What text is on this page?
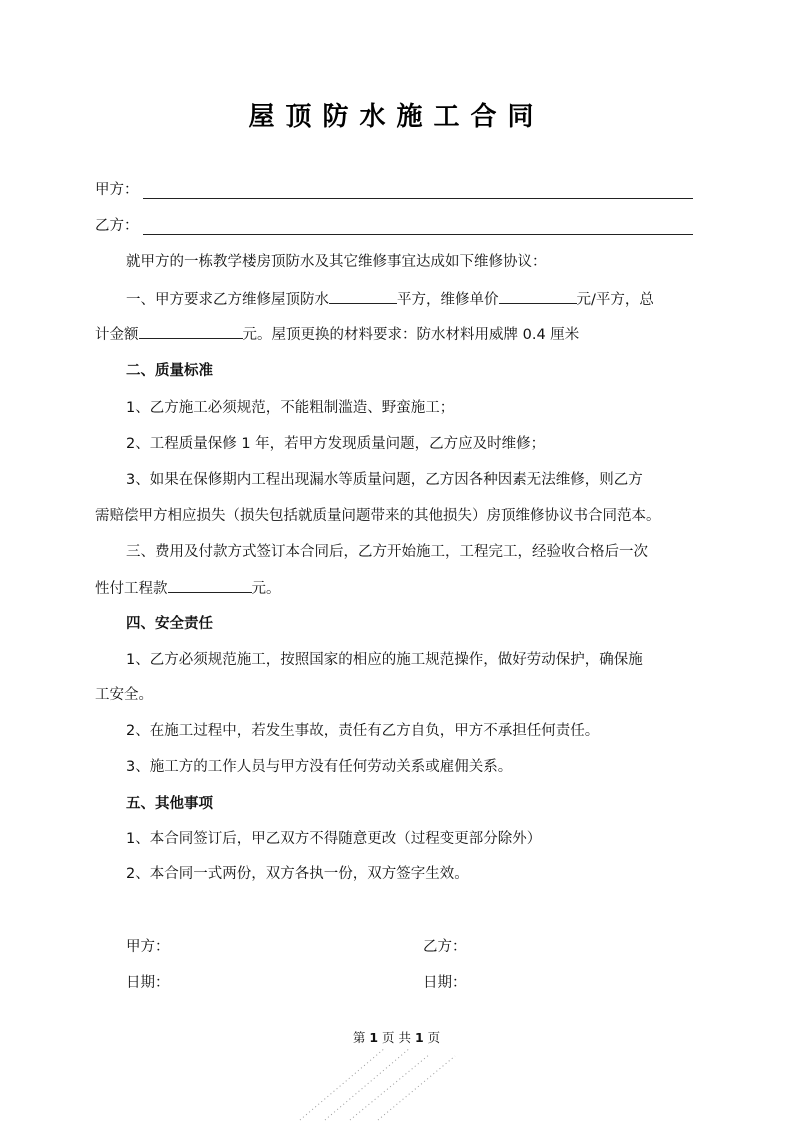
屋顶防水施工合同
甲方：
乙方：
就甲方的一栋教学楼房顶防水及其它维修事宜达成如下维修协议：
一、甲方要求乙方维修屋顶防水	平方，维修单价	元/平方，总
计金额	元。屋顶更换的材料要求：防水材料用威牌 0.4 厘米
二、质量标准
1、乙方施工必须规范，不能粗制滥造、野蛮施工；
2、工程质量保修 1 年，若甲方发现质量问题，乙方应及时维修；
3、如果在保修期内工程出现漏水等质量问题，乙方因各种因素无法维修，则乙方
需赔偿甲方相应损失（损失包括就质量问题带来的其他损失）房顶维修协议书合同范本。
三、费用及付款方式签订本合同后，乙方开始施工，工程完工，经验收合格后一次
性付工程款	元。
四、安全责任
1、乙方必须规范施工，按照国家的相应的施工规范操作，做好劳动保护，确保施
工安全。
2、在施工过程中，若发生事故，责任有乙方自负，甲方不承担任何责任。
3、施工方的工作人员与甲方没有任何劳动关系或雇佣关系。
五、其他事项
1、本合同签订后，甲乙双方不得随意更改（过程变更部分除外）
2、本合同一式两份，双方各执一份，双方签字生效。
甲方：	乙方：
日期：	日期：
第 1 页 共 1 页
